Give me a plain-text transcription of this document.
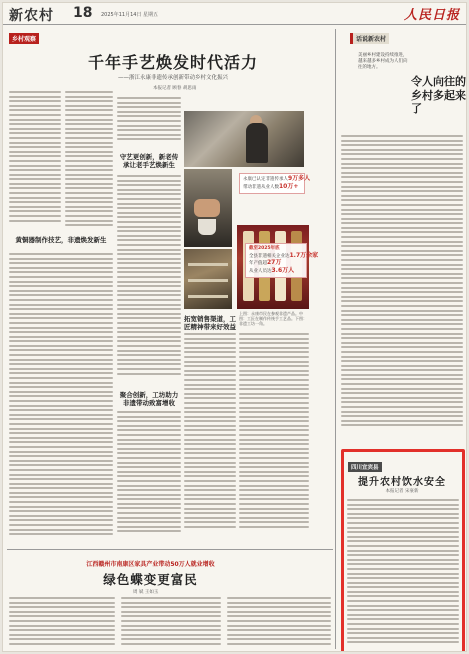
新农村 18 2025年11月14日 星期五	人民日报
乡村观察	话说新农村
千年手艺焕发时代活力
——浙江永康非遗传承创新带动乡村文化振兴
本报记者 顾春 胡思雨
黄铜器制作技艺，非遗焕发新生
守艺更创新，新老传承让老手艺焕新生
聚合创新，工坊助力非遗带动致富增收
永康已认定非遗传承人9万多人
带动非遗从业人数10万+
截至2025年底
全县非遗相关企业达1.7万余家
年产值超27万
从业人员达3.6万人
上图：永康市民在参观非遗产品。中图：工匠在制作传统手工艺品。下图：非遗工坊一角。
拓宽销售渠道，工匠精神带来好效益
江西赣州市南康区家具产业带动50万人就业增收
绿色蝶变更富民
周 斌 王如玉
美丽乡村建设持续推进，越来越多乡村成为人们向往的地方。
令人向往的乡村多起来了
四川宜宾县
提升农村饮水安全
本报记者 宋豪新
